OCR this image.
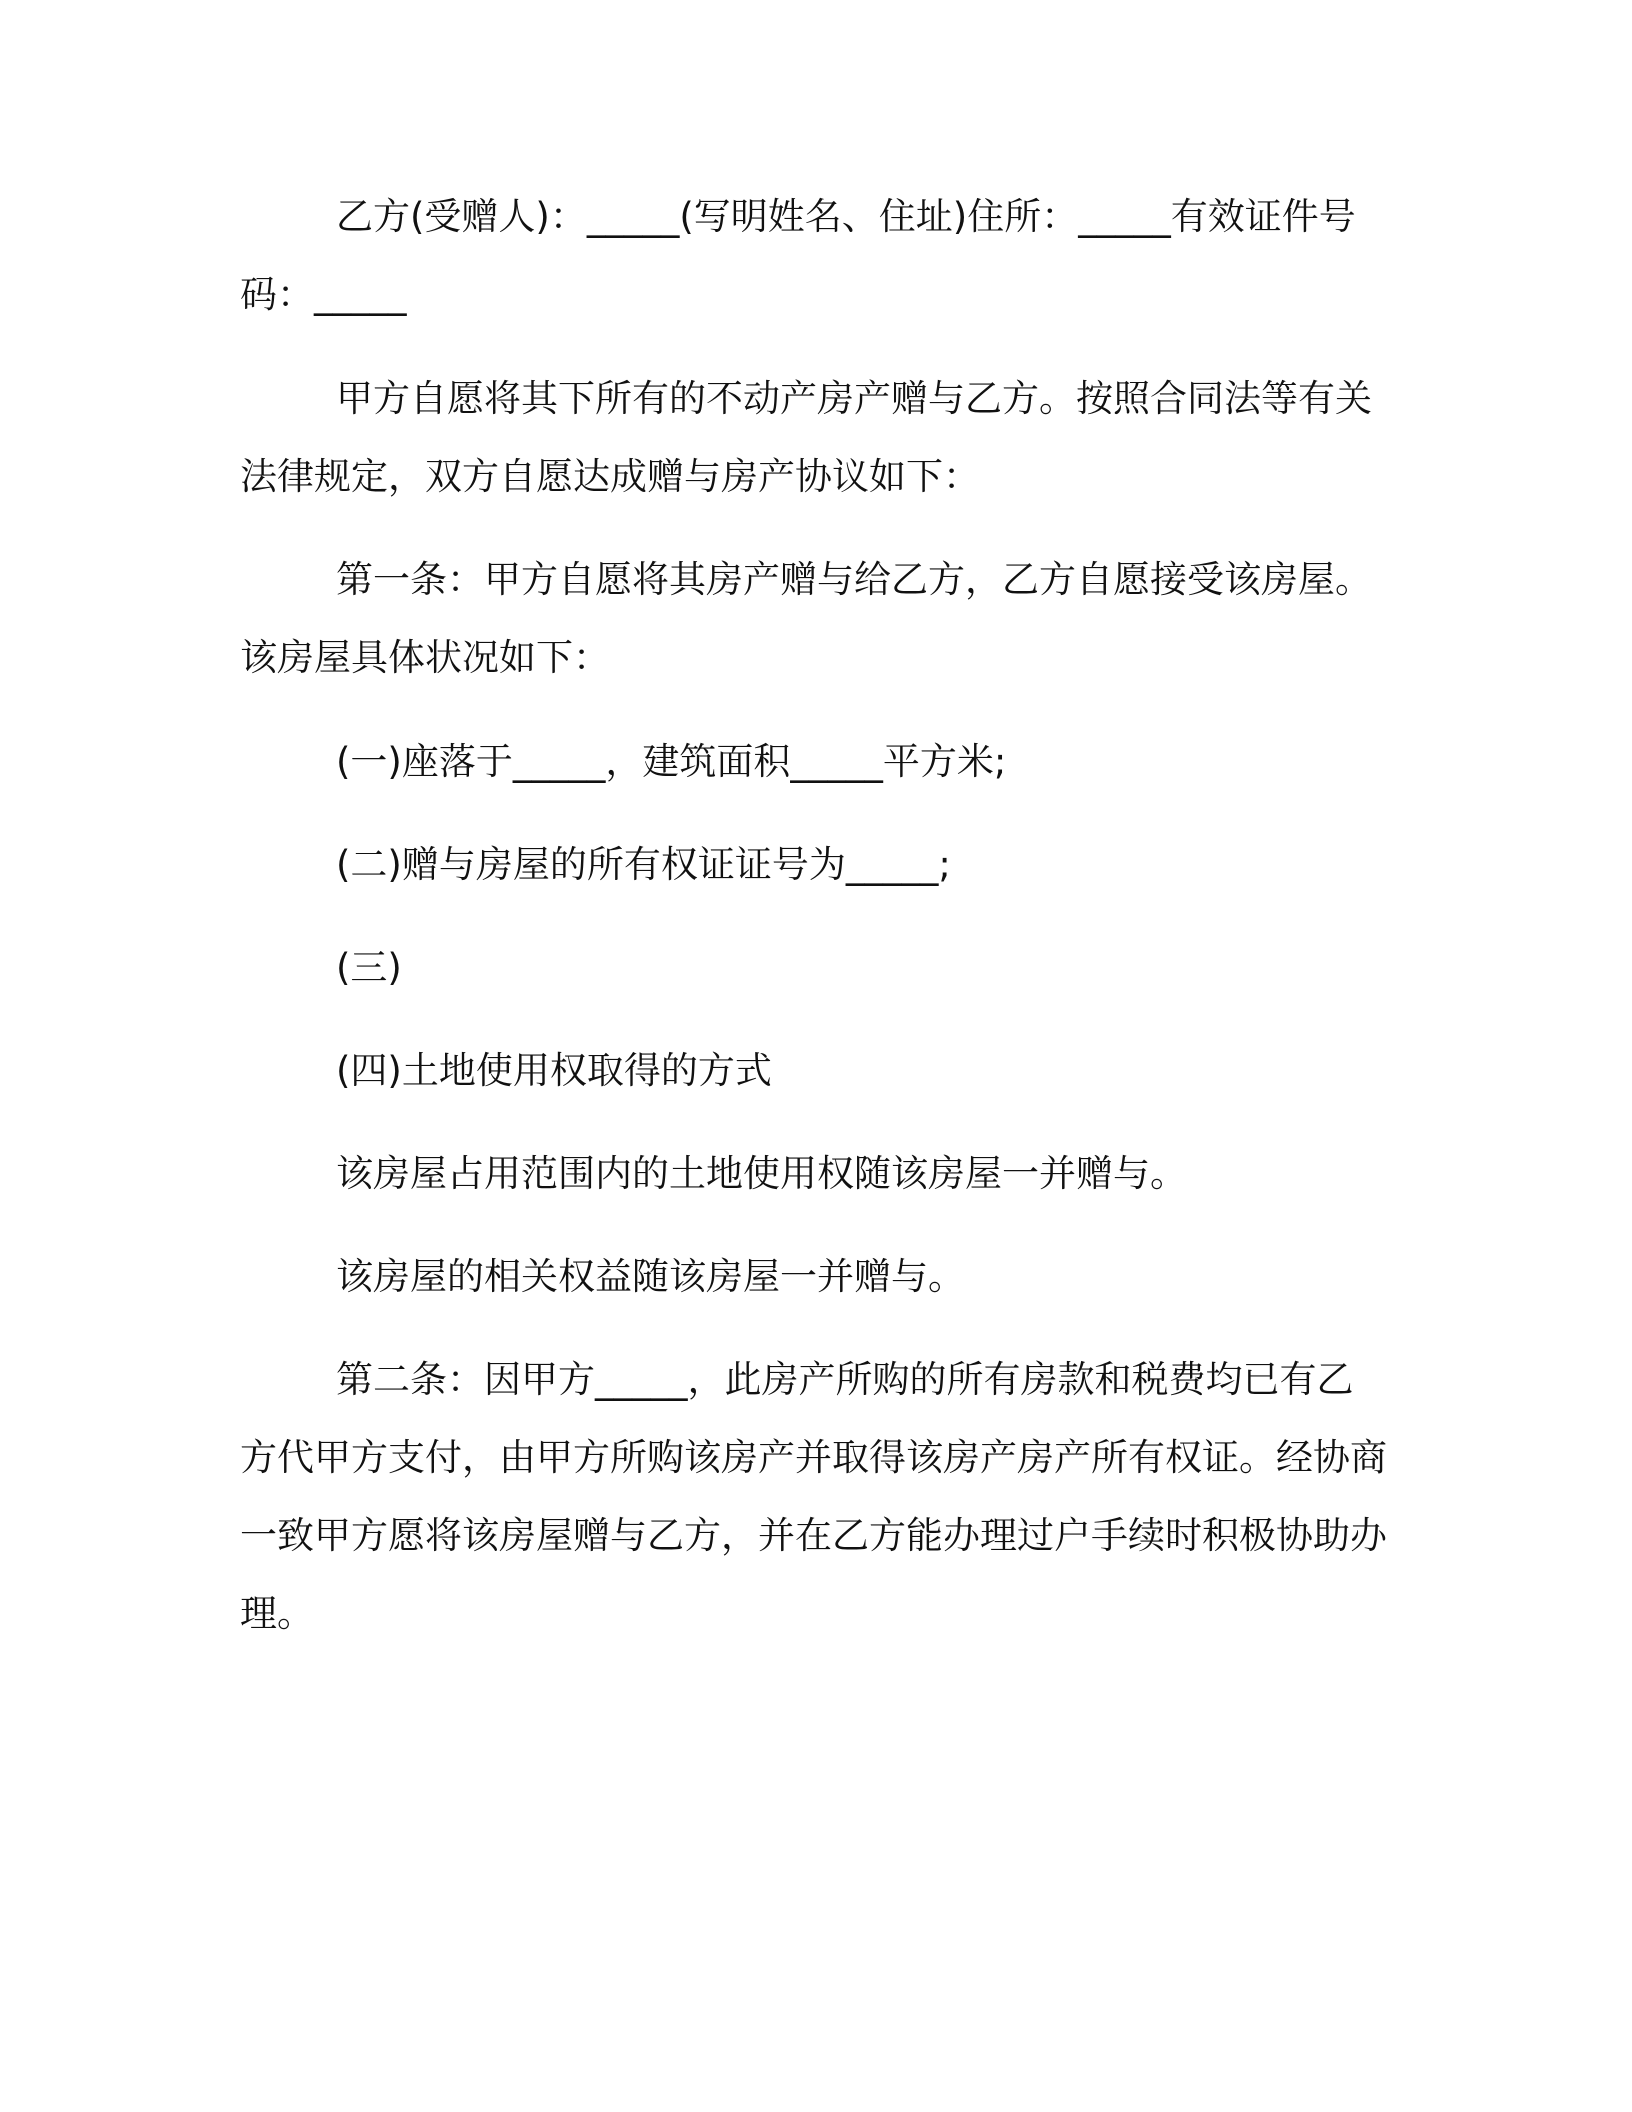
乙方(受赠人)：_____(写明姓名、住址)住所：_____有效证件号码：_____

甲方自愿将其下所有的不动产房产赠与乙方。按照合同法等有关法律规定，双方自愿达成赠与房产协议如下：

第一条：甲方自愿将其房产赠与给乙方，乙方自愿接受该房屋。该房屋具体状况如下：

(一)座落于_____，建筑面积_____平方米;

(二)赠与房屋的所有权证证号为_____;

(三)

(四)土地使用权取得的方式

该房屋占用范围内的土地使用权随该房屋一并赠与。

该房屋的相关权益随该房屋一并赠与。

第二条：因甲方_____，此房产所购的所有房款和税费均已有乙方代甲方支付，由甲方所购该房产并取得该房产房产所有权证。经协商一致甲方愿将该房屋赠与乙方，并在乙方能办理过户手续时积极协助办理。
